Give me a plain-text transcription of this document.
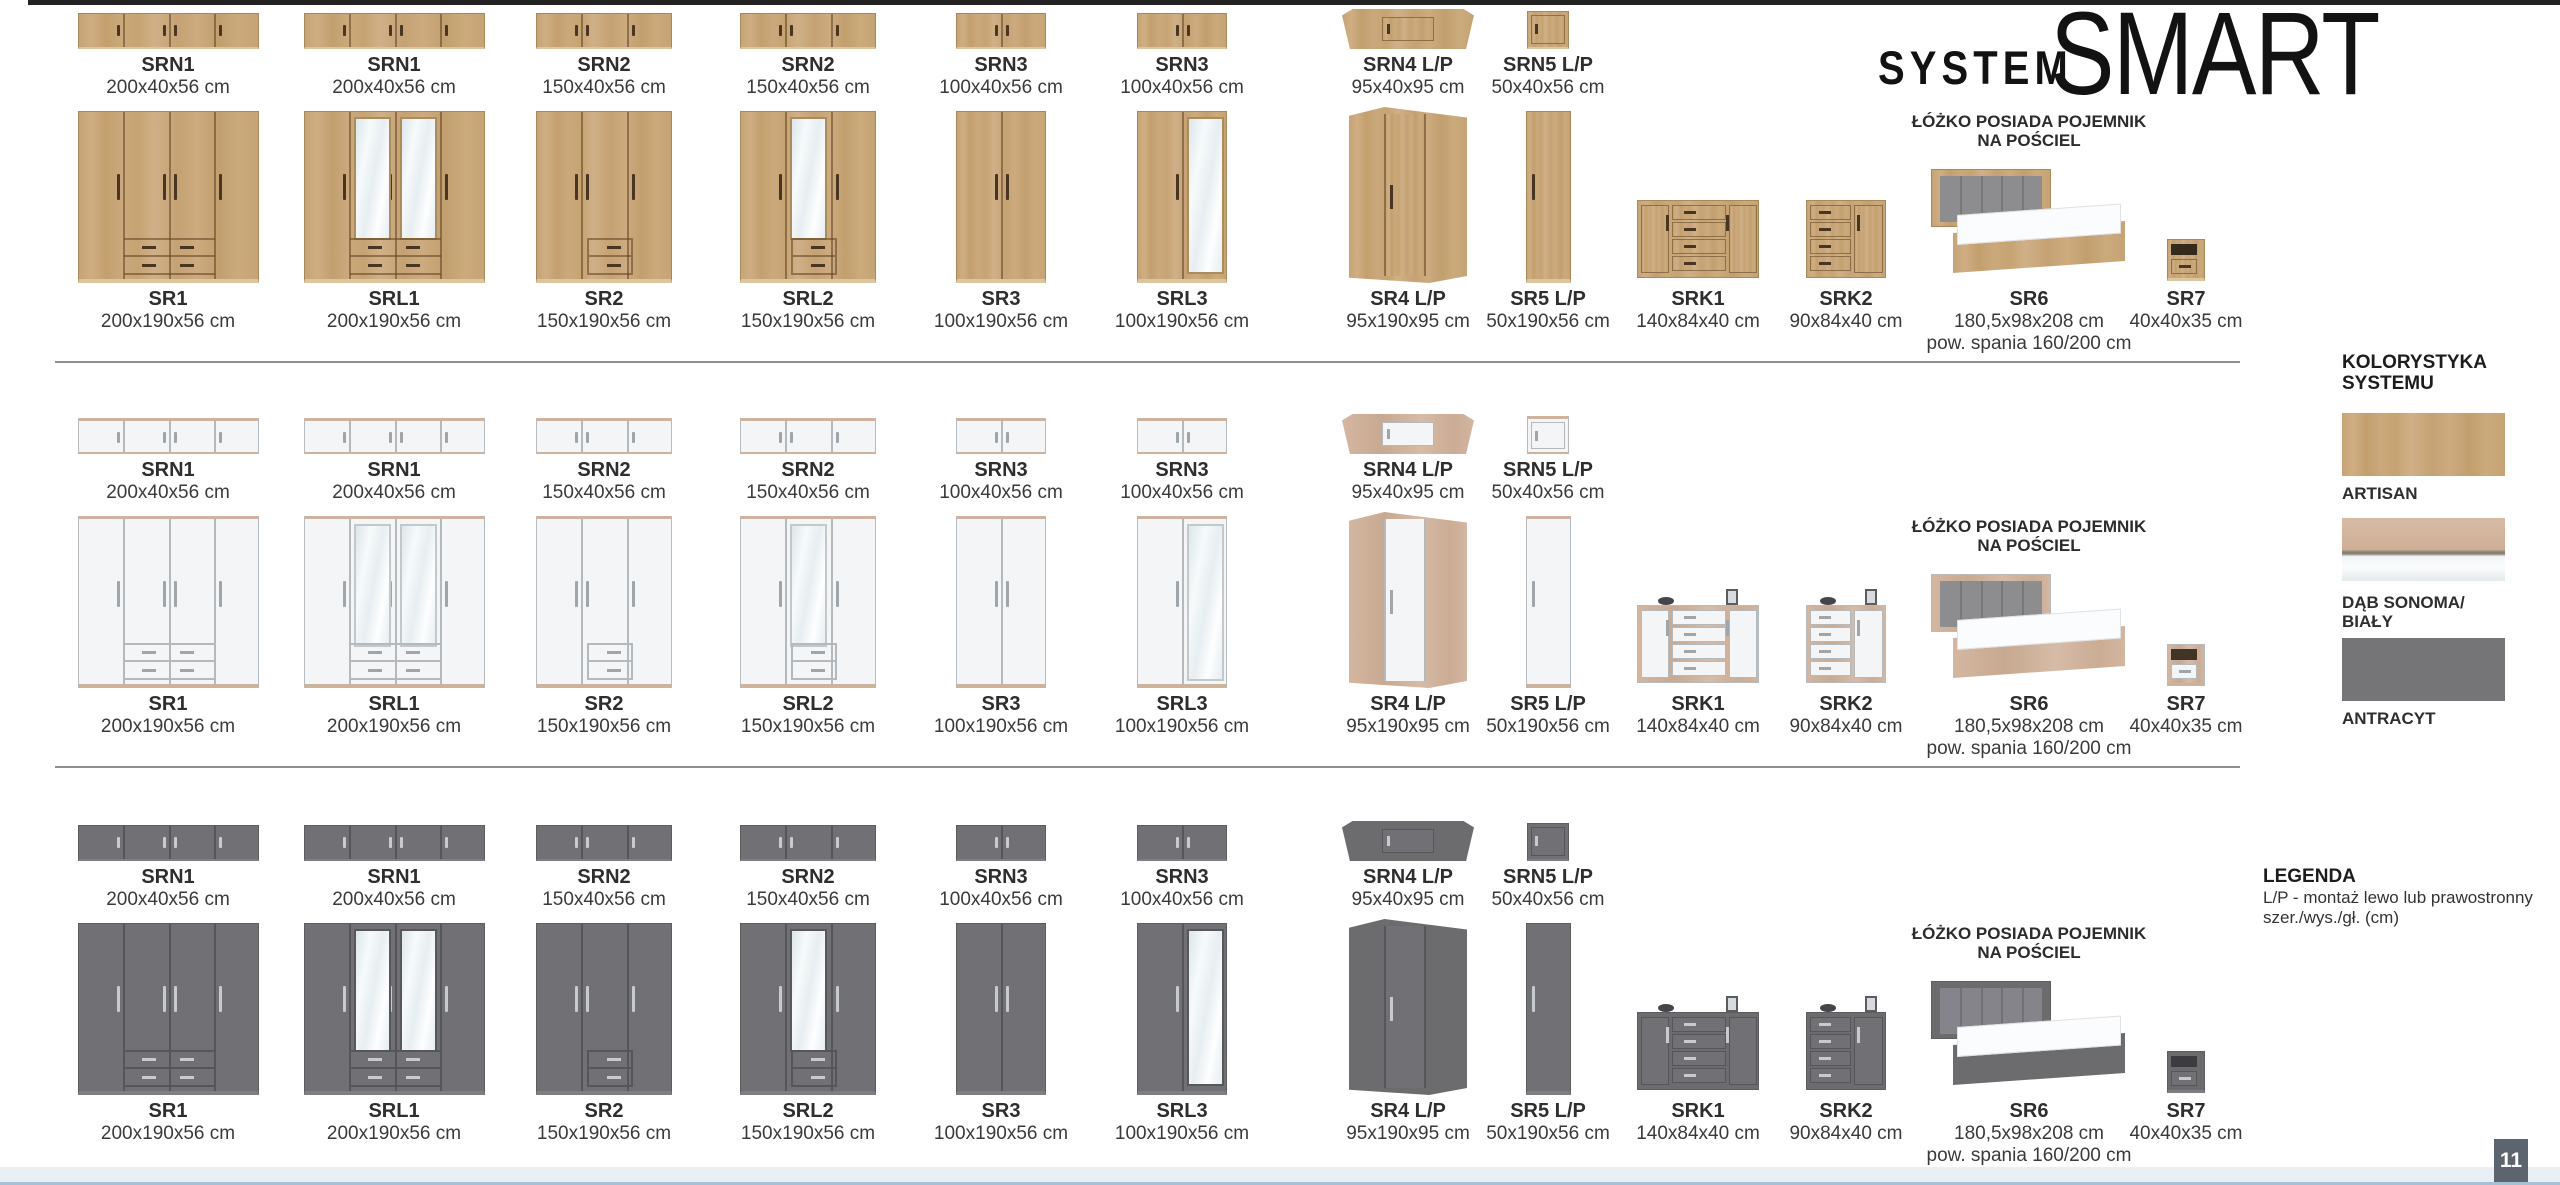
SYSTEM
SMART
KOLORYSTYKA
SYSTEMU
ARTISAN
DĄB SONOMA/
BIAŁY
ANTRACYT
LEGENDA
L/P - montaż lewo lub prawostronny
szer./wys./gł. (cm)
SRN1
200x40x56 cm
SRN1
200x40x56 cm
SRN2
150x40x56 cm
SRN2
150x40x56 cm
SRN3
100x40x56 cm
SRN3
100x40x56 cm
SRN4 L/P
95x40x95 cm
SRN5 L/P
50x40x56 cm
ŁÓŻKO POSIADA POJEMNIK
NA POŚCIEL
SR1
200x190x56 cm
SRL1
200x190x56 cm
SR2
150x190x56 cm
SRL2
150x190x56 cm
SR3
100x190x56 cm
SRL3
100x190x56 cm
SR4 L/P
95x190x95 cm
SR5 L/P
50x190x56 cm
SRK1
140x84x40 cm
SRK2
90x84x40 cm
SR6
180,5x98x208 cm
pow. spania 160/200 cm
SR7
40x40x35 cm
SRN1
200x40x56 cm
SRN1
200x40x56 cm
SRN2
150x40x56 cm
SRN2
150x40x56 cm
SRN3
100x40x56 cm
SRN3
100x40x56 cm
SRN4 L/P
95x40x95 cm
SRN5 L/P
50x40x56 cm
ŁÓŻKO POSIADA POJEMNIK
NA POŚCIEL
SR1
200x190x56 cm
SRL1
200x190x56 cm
SR2
150x190x56 cm
SRL2
150x190x56 cm
SR3
100x190x56 cm
SRL3
100x190x56 cm
SR4 L/P
95x190x95 cm
SR5 L/P
50x190x56 cm
SRK1
140x84x40 cm
SRK2
90x84x40 cm
SR6
180,5x98x208 cm
pow. spania 160/200 cm
SR7
40x40x35 cm
SRN1
200x40x56 cm
SRN1
200x40x56 cm
SRN2
150x40x56 cm
SRN2
150x40x56 cm
SRN3
100x40x56 cm
SRN3
100x40x56 cm
SRN4 L/P
95x40x95 cm
SRN5 L/P
50x40x56 cm
ŁÓŻKO POSIADA POJEMNIK
NA POŚCIEL
SR1
200x190x56 cm
SRL1
200x190x56 cm
SR2
150x190x56 cm
SRL2
150x190x56 cm
SR3
100x190x56 cm
SRL3
100x190x56 cm
SR4 L/P
95x190x95 cm
SR5 L/P
50x190x56 cm
SRK1
140x84x40 cm
SRK2
90x84x40 cm
SR6
180,5x98x208 cm
pow. spania 160/200 cm
SR7
40x40x35 cm
11
